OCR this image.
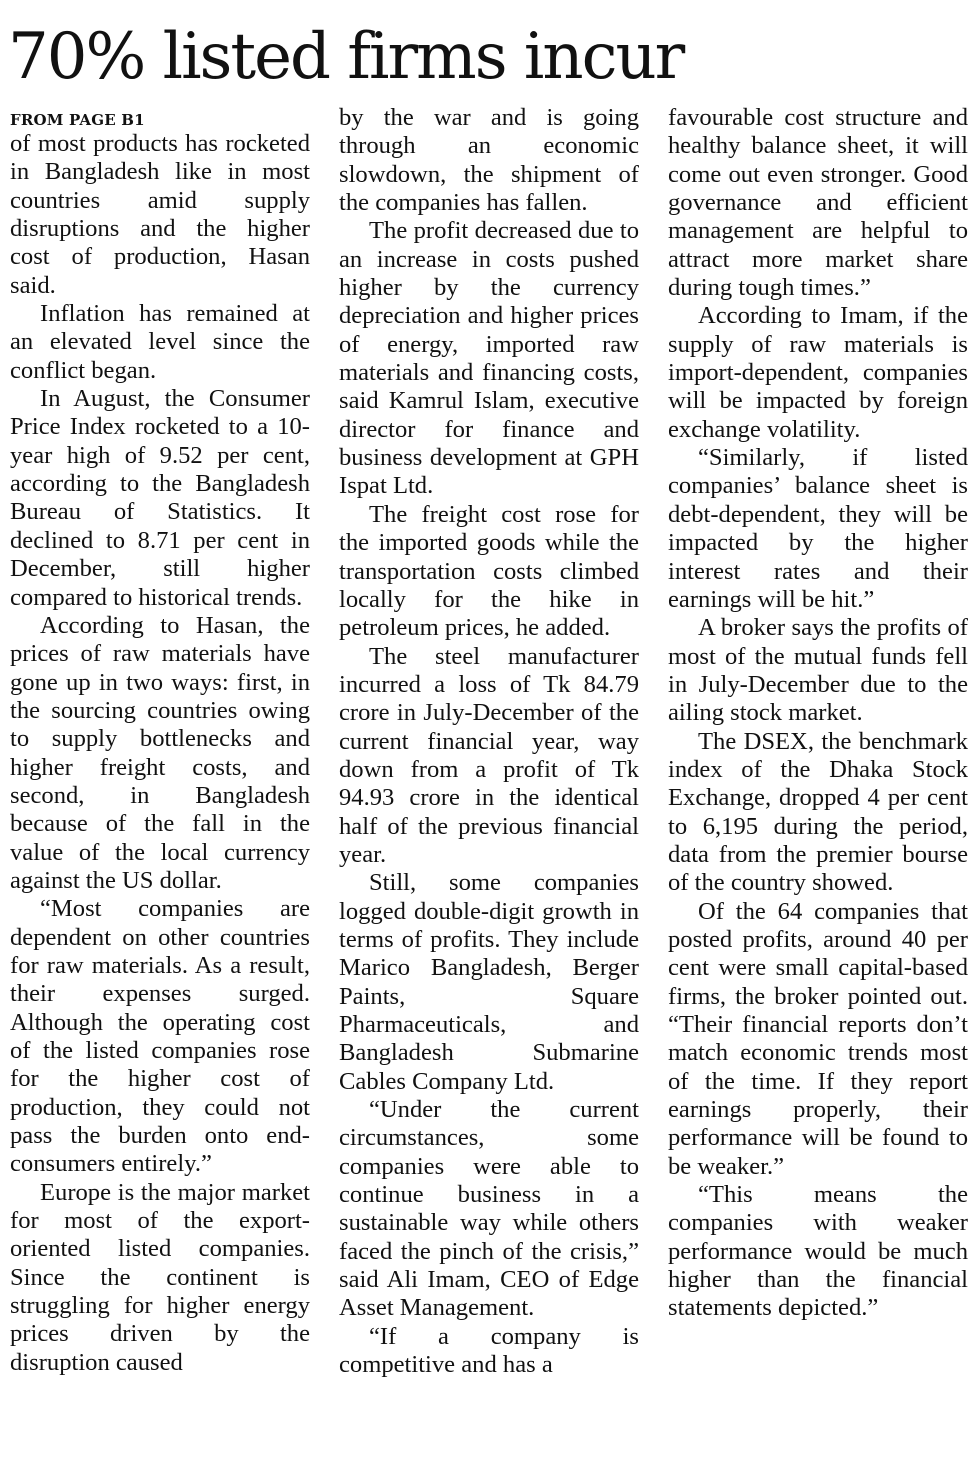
70% listed firms incur
FROM PAGE B1

of most products has rocketed in Bangladesh like in most countries amid supply disruptions and the higher cost of production, Hasan said.

Inflation has remained at an elevated level since the conflict began.

In August, the Consumer Price Index rocketed to a 10-year high of 9.52 per cent, according to the Bangladesh Bureau of Statistics. It declined to 8.71 per cent in December, still higher compared to historical trends.

According to Hasan, the prices of raw materials have gone up in two ways: first, in the sourcing countries owing to supply bottlenecks and higher freight costs, and second, in Bangladesh because of the fall in the value of the local currency against the US dollar.

“Most companies are dependent on other countries for raw materials. As a result, their expenses surged. Although the operating cost of the listed companies rose for the higher cost of production, they could not pass the burden onto end-consumers entirely.”

Europe is the major market for most of the export-oriented listed companies. Since the continent is struggling for higher energy prices driven by the disruption caused

by the war and is going through an economic slowdown, the shipment of the companies has fallen.

The profit decreased due to an increase in costs pushed higher by the currency depreciation and higher prices of energy, imported raw materials and financing costs, said Kamrul Islam, executive director for finance and business development at GPH Ispat Ltd.

The freight cost rose for the imported goods while the transportation costs climbed locally for the hike in petroleum prices, he added.

The steel manufacturer incurred a loss of Tk 84.79 crore in July-December of the current financial year, way down from a profit of Tk 94.93 crore in the identical half of the previous financial year.

Still, some companies logged double-digit growth in terms of profits. They include Marico Bangladesh, Berger Paints, Square Pharmaceuticals, and Bangladesh Submarine Cables Company Ltd.

“Under the current circumstances, some companies were able to continue business in a sustainable way while others faced the pinch of the crisis,” said Ali Imam, CEO of Edge Asset Management.

“If a company is competitive and has a

favourable cost structure and healthy balance sheet, it will come out even stronger. Good governance and efficient management are helpful to attract more market share during tough times.”

According to Imam, if the supply of raw materials is import-dependent, companies will be impacted by foreign exchange volatility.

“Similarly, if listed companies’ balance sheet is debt-dependent, they will be impacted by the higher interest rates and their earnings will be hit.”

A broker says the profits of most of the mutual funds fell in July-December due to the ailing stock market.

The DSEX, the benchmark index of the Dhaka Stock Exchange, dropped 4 per cent to 6,195 during the period, data from the premier bourse of the country showed.

Of the 64 companies that posted profits, around 40 per cent were small capital-based firms, the broker pointed out. “Their financial reports don’t match economic trends most of the time. If they report earnings properly, their performance will be found to be weaker.”

“This means the companies with weaker performance would be much higher than the financial statements depicted.”
